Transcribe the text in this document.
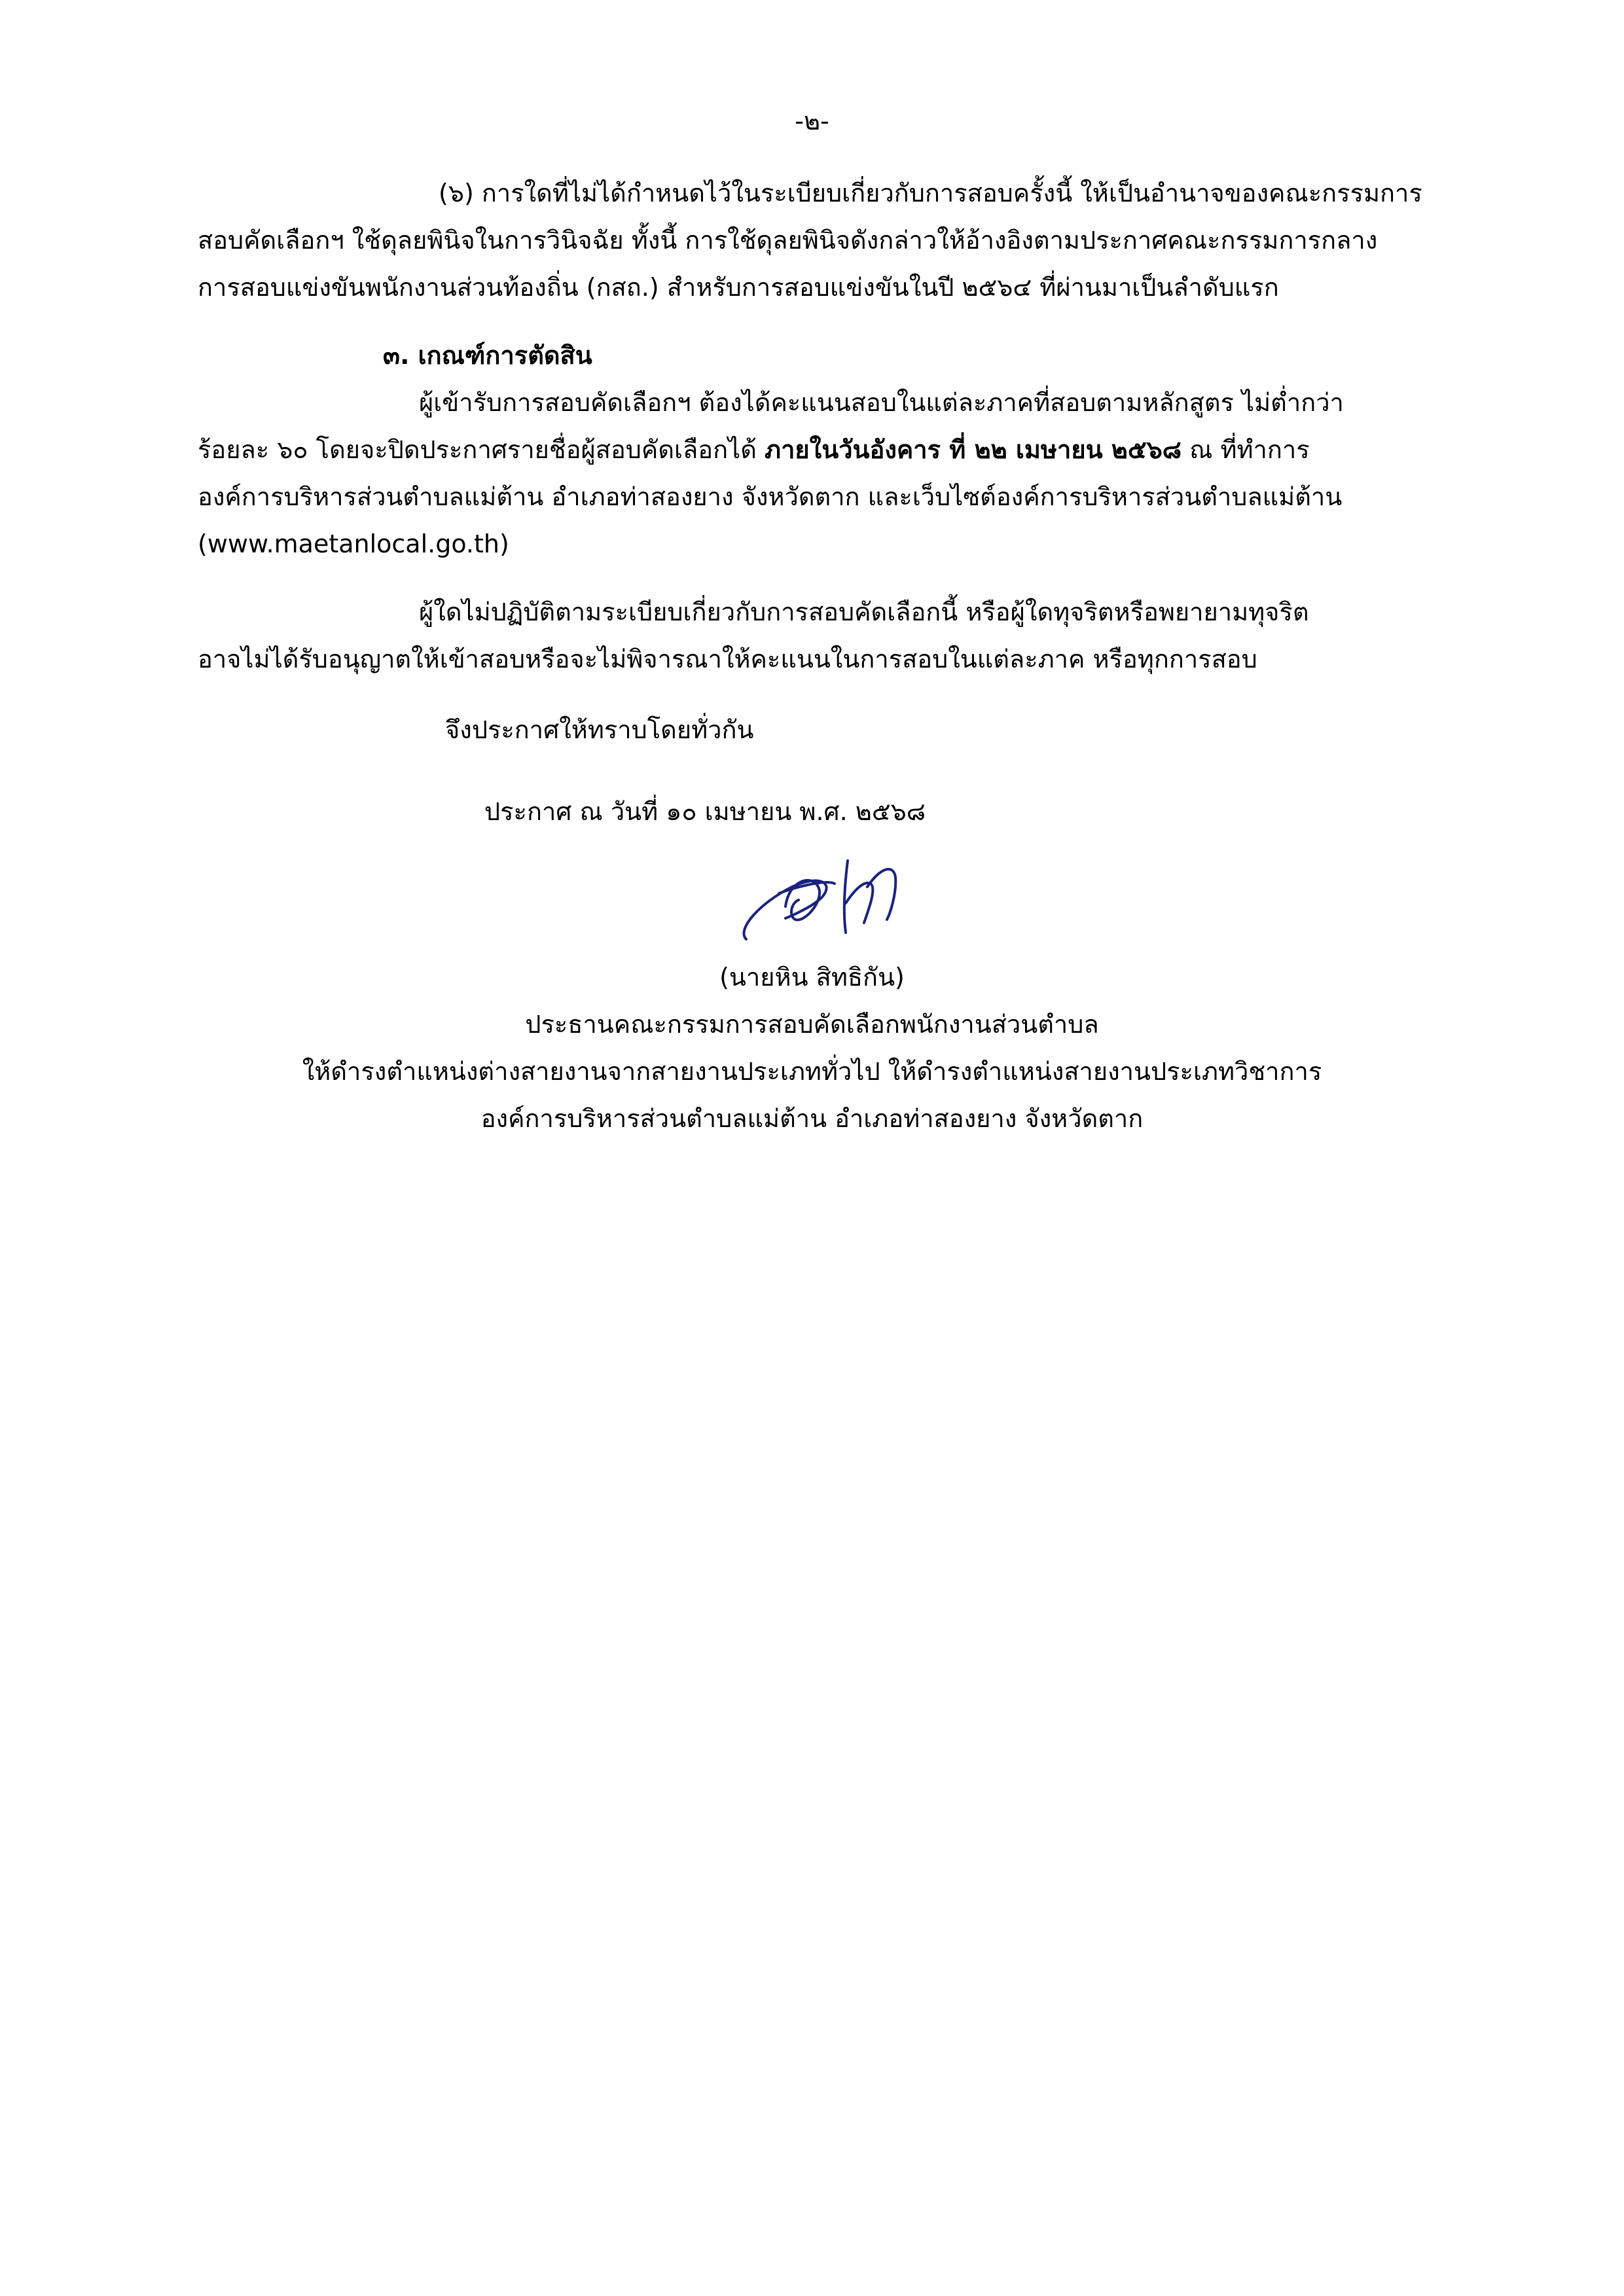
-๒-
(๖) การใดที่ไม่ได้กำหนดไว้ในระเบียบเกี่ยวกับการสอบครั้งนี้ ให้เป็นอำนาจของคณะกรรมการ
สอบคัดเลือกฯ ใช้ดุลยพินิจในการวินิจฉัย ทั้งนี้ การใช้ดุลยพินิจดังกล่าวให้อ้างอิงตามประกาศคณะกรรมการกลาง
การสอบแข่งขันพนักงานส่วนท้องถิ่น (กสถ.) สำหรับการสอบแข่งขันในปี ๒๕๖๔ ที่ผ่านมาเป็นลำดับแรก
๓. เกณฑ์การตัดสิน
ผู้เข้ารับการสอบคัดเลือกฯ ต้องได้คะแนนสอบในแต่ละภาคที่สอบตามหลักสูตร ไม่ต่ำกว่า
ร้อยละ ๖๐ โดยจะปิดประกาศรายชื่อผู้สอบคัดเลือกได้ ภายในวันอังคาร ที่ ๒๒ เมษายน ๒๕๖๘ ณ ที่ทำการ
องค์การบริหารส่วนตำบลแม่ต้าน อำเภอท่าสองยาง จังหวัดตาก และเว็บไซต์องค์การบริหารส่วนตำบลแม่ต้าน
(www.maetanlocal.go.th)
ผู้ใดไม่ปฏิบัติตามระเบียบเกี่ยวกับการสอบคัดเลือกนี้ หรือผู้ใดทุจริตหรือพยายามทุจริต
อาจไม่ได้รับอนุญาตให้เข้าสอบหรือจะไม่พิจารณาให้คะแนนในการสอบในแต่ละภาค หรือทุกการสอบ
จึงประกาศให้ทราบโดยทั่วกัน
ประกาศ ณ วันที่ ๑๐ เมษายน พ.ศ. ๒๕๖๘
(นายหิน สิทธิกัน)
ประธานคณะกรรมการสอบคัดเลือกพนักงานส่วนตำบล
ให้ดำรงตำแหน่งต่างสายงานจากสายงานประเภททั่วไป ให้ดำรงตำแหน่งสายงานประเภทวิชาการ
องค์การบริหารส่วนตำบลแม่ต้าน อำเภอท่าสองยาง จังหวัดตาก
